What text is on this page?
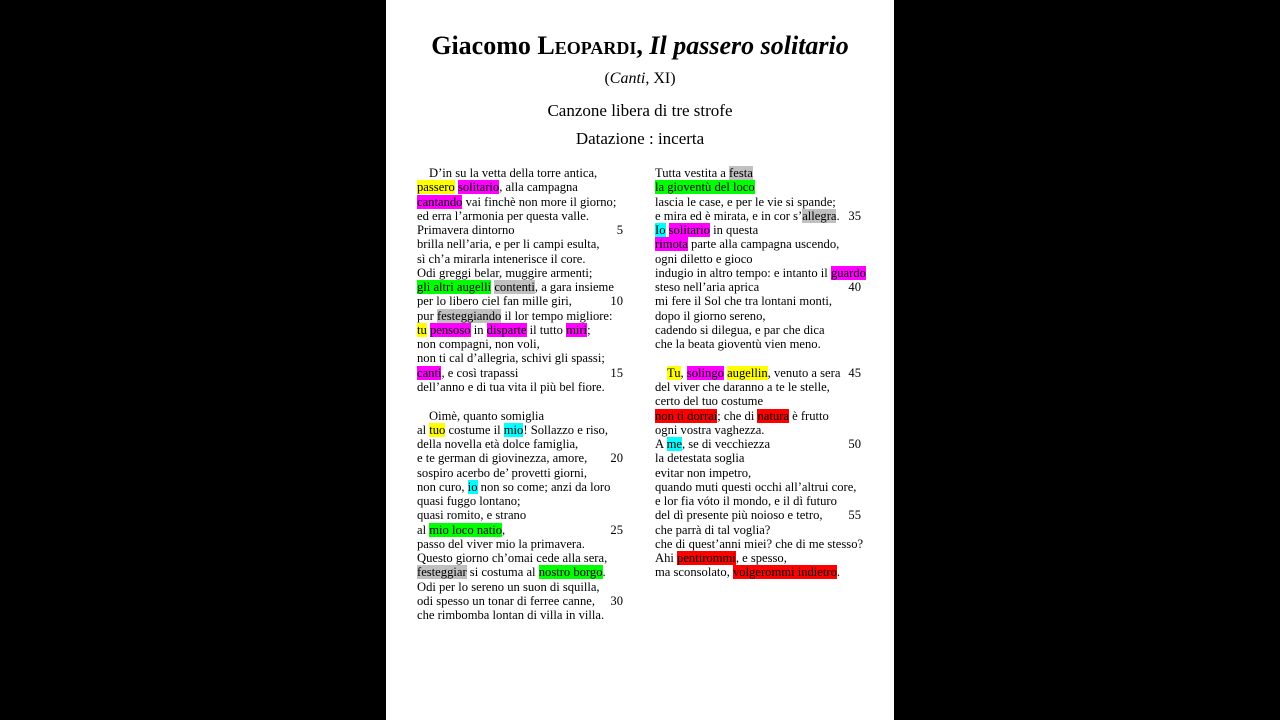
Giacomo Leopardi, Il passero solitario
(Canti, XI)
Canzone libera di tre strofe
Datazione : incerta
D’in su la vetta della torre antica,
passero solitario, alla campagna
cantando vai finchè non more il giorno;
ed erra l’armonia per questa valle.
Primavera dintorno	5
brilla nell’aria, e per li campi esulta,
sì ch’a mirarla intenerisce il core.
Odi greggi belar, muggire armenti;
gli altri augelli contenti, a gara insieme
per lo libero ciel fan mille giri,	10
pur festeggiando il lor tempo migliore:
tu pensoso in disparte il tutto miri;
non compagni, non voli,
non ti cal d’allegria, schivi gli spassi;
canti, e così trapassi	15
dell’anno e di tua vita il più bel fiore.
Oimè, quanto somiglia
al tuo costume il mio! Sollazzo e riso,
della novella età dolce famiglia,
e te german di giovinezza, amore,	20
sospiro acerbo de’ provetti giorni,
non curo, io non so come; anzi da loro
quasi fuggo lontano;
quasi romito, e strano
al mio loco natio,	25
passo del viver mio la primavera.
Questo giorno ch’omai cede alla sera,
festeggiar si costuma al nostro borgo.
Odi per lo sereno un suon di squilla,
odi spesso un tonar di ferree canne,	30
che rimbomba lontan di villa in villa.
Tutta vestita a festa
la gioventù del loco
lascia le case, e per le vie si spande;
e mira ed è mirata, e in cor s’allegra. 35
Io solitario in questa
rimota parte alla campagna uscendo,
ogni diletto e gioco
indugio in altro tempo: e intanto il guardo
steso nell’aria aprica	40
mi fere il Sol che tra lontani monti,
dopo il giorno sereno,
cadendo si dilegua, e par che dica
che la beata gioventù vien meno.
Tu, solingo augellin, venuto a sera 45
del viver che daranno a te le stelle,
certo del tuo costume
non ti dorrai; che di natura è frutto
ogni vostra vaghezza.
A me, se di vecchiezza	50
la detestata soglia
evitar non impetro,
quando muti questi occhi all’altrui core,
e lor fia vóto il mondo, e il dì futuro
del dì presente più noioso e tetro,	55
che parrà di tal voglia?
che di quest’anni miei? che di me stesso?
Ahi pentirommi, e spesso,
ma sconsolato, volgerommi indietro.
